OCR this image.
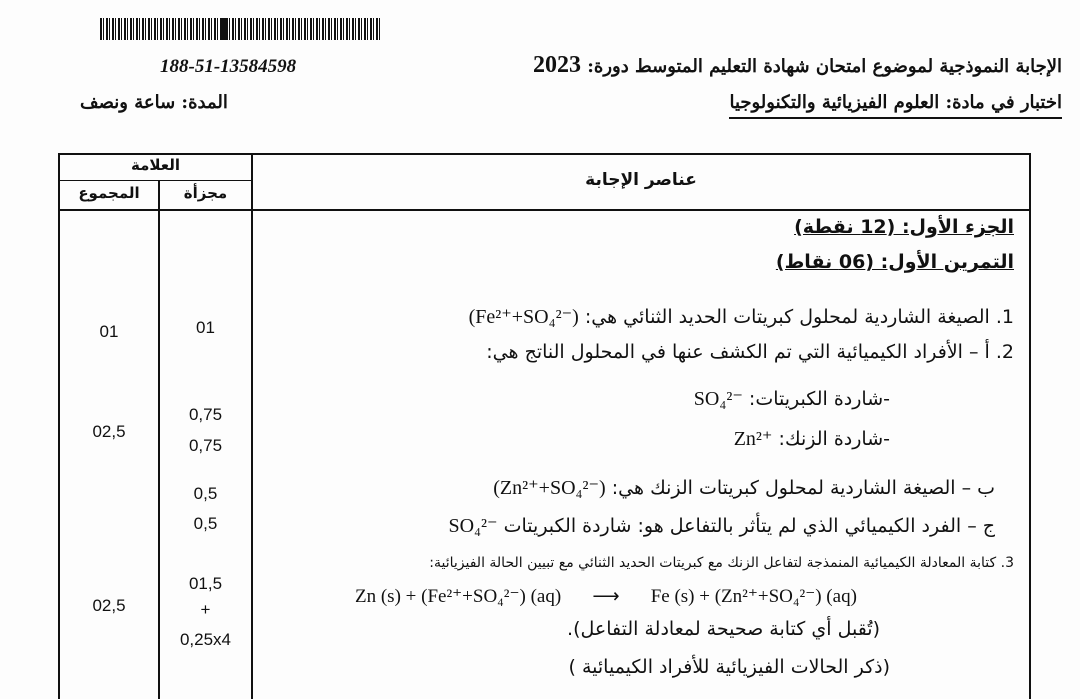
188-51-13584598	الإجابة النموذجية لموضوع امتحان شهادة التعليم المتوسط دورة: 2023
اختبار في مادة: العلوم الفيزيائية والتكنولوجيا
المدة: ساعة ونصف
العلامة
مجزأة
المجموع
عناصر الإجابة
01
01
0,75
0,75
02,5
0,5
0,5
01,5
+
0,25x4
02,5
الجزء الأول: (12 نقطة)
التمرين الأول: (06 نقاط)
1. الصيغة الشاردية لمحلول كبريتات الحديد الثنائي هي: (Fe²⁺+SO₄²⁻)
2. أ – الأفراد الكيميائية التي تم الكشف عنها في المحلول الناتج هي:
-شاردة الكبريتات: SO₄²⁻
-شاردة الزنك: Zn²⁺
ب – الصيغة الشاردية لمحلول كبريتات الزنك هي: (Zn²⁺+SO₄²⁻)
ج – الفرد الكيميائي الذي لم يتأثر بالتفاعل هو: شاردة الكبريتات SO₄²⁻
3. كتابة المعادلة الكيميائية المنمذجة لتفاعل الزنك مع كبريتات الحديد الثنائي مع تبيين الحالة الفيزيائية:
Zn (s) + (Fe²⁺+SO₄²⁻) (aq) ⟶ Fe (s) + (Zn²⁺+SO₄²⁻) (aq)
(تُقبل أي كتابة صحيحة لمعادلة التفاعل).
(ذكر الحالات الفيزيائية للأفراد الكيميائية )
